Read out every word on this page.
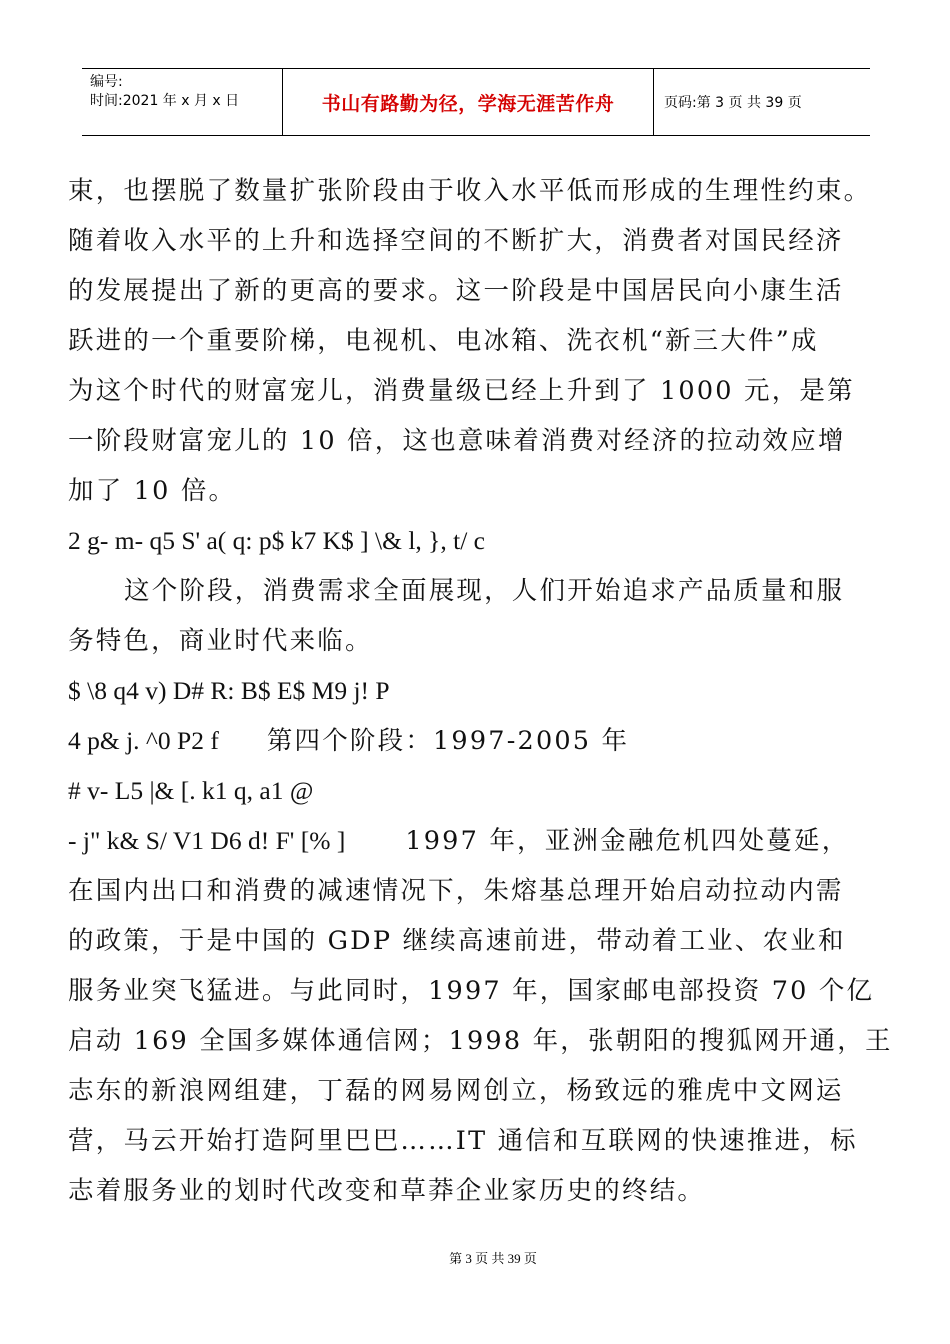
编号:
时间:2021 年 x 月 x 日	书山有路勤为径，学海无涯苦作舟	页码:第 3 页 共 39 页
束，也摆脱了数量扩张阶段由于收入水平低而形成的生理性约束。
随着收入水平的上升和选择空间的不断扩大，消费者对国民经济
的发展提出了新的更高的要求。这一阶段是中国居民向小康生活
跃进的一个重要阶梯，电视机、电冰箱、洗衣机“新三大件”成
为这个时代的财富宠儿，消费量级已经上升到了 1000 元，是第
一阶段财富宠儿的 10 倍，这也意味着消费对经济的拉动效应增
加了 10 倍。
2 g- m- q5 S' a( q: p$ k7 K$ ] \& l, }, t/ c
这个阶段，消费需求全面展现，人们开始追求产品质量和服
务特色，商业时代来临。
$ \8 q4 v) D# R: B$ E$ M9 j! P
4 p& j. ^0 P2 f 第四个阶段：1997-2005 年
# v- L5 |& [. k1 q, a1 @
- j" k& S/ V1 D6 d! F' [% ] 1997 年，亚洲金融危机四处蔓延，
在国内出口和消费的减速情况下，朱熔基总理开始启动拉动内需
的政策，于是中国的 GDP 继续高速前进，带动着工业、农业和
服务业突飞猛进。与此同时，1997 年，国家邮电部投资 70 个亿
启动 169 全国多媒体通信网；1998 年，张朝阳的搜狐网开通，王
志东的新浪网组建，丁磊的网易网创立，杨致远的雅虎中文网运
营，马云开始打造阿里巴巴……IT 通信和互联网的快速推进，标
志着服务业的划时代改变和草莽企业家历史的终结。
第 3 页 共 39 页
